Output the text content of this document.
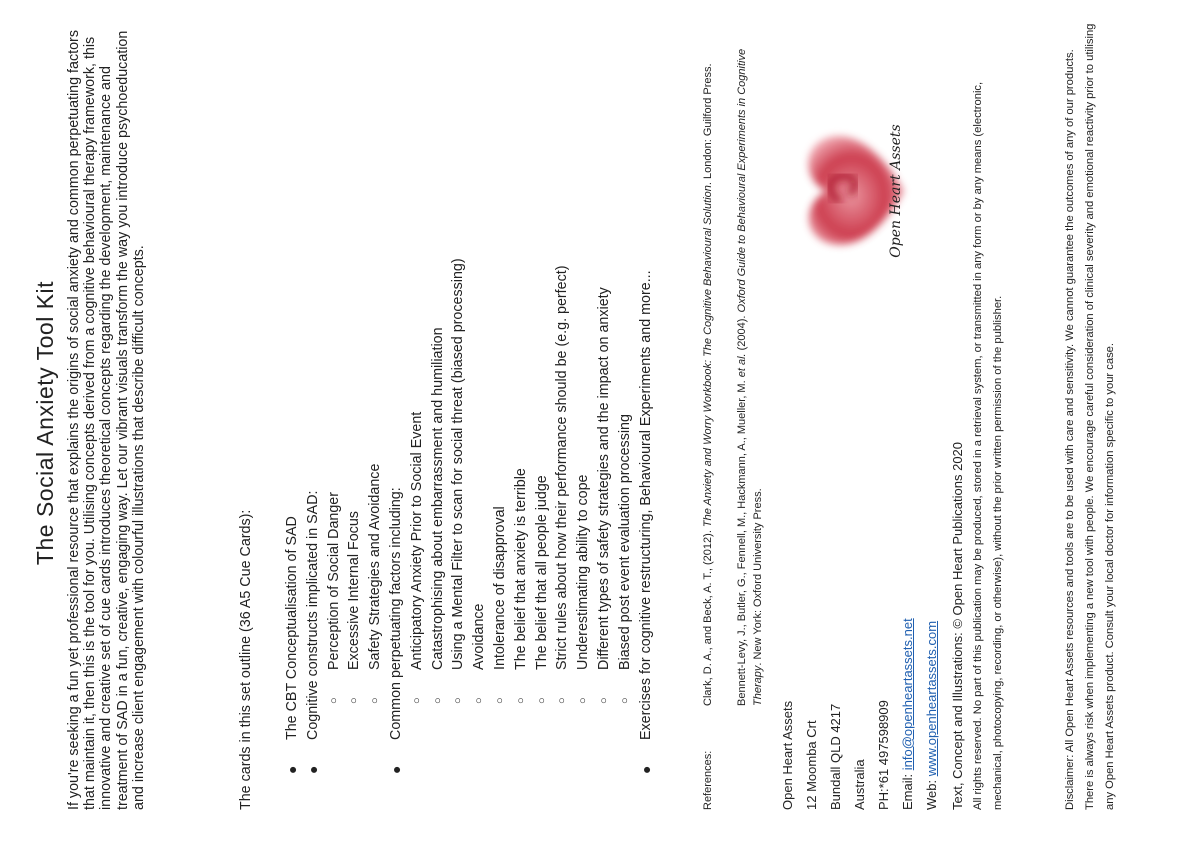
The Social Anxiety Tool Kit If you're seeking a fun yet professional resource that explains the origins of social anxiety and common perpetuating factors that maintain it, then this is the tool for you. Utilising concepts derived from a cognitive behavioural therapy framework, this innovative and creative set of cue cards introduces theoretical concepts regarding the development, maintenance and treatment of SAD in a fun, creative, engaging way. Let our vibrant visuals transform the way you introduce psychoeducation and increase client engagement with colourful illustrations that describe difficult concepts.	The cards in this set outline (36 A5 Cue Cards): ●
The CBT Conceptualisation of SAD
●
Cognitive constructs implicated in SAD: ○
Perception of Social Danger
○
Excessive Internal Focus
○
Safety Strategies and Avoidance
●
Common perpetuating factors including: ○
Anticipatory Anxiety Prior to Social Event
○
Catastrophising about embarrassment and humiliation
○
Using a Mental Filter to scan for social threat (biased processing)
○
Avoidance
○
Intolerance of disapproval
○
The belief that anxiety is terrible
○
The belief that all people judge
○
Strict rules about how their performance should be (e.g. perfect)
○
Underestimating ability to cope
○
Different types of safety strategies and the impact on anxiety
○
Biased post event evaluation processing
●
Exercises for cognitive restructuring, Behavioural Experiments and more...
References:
Clark, D. A., and Beck, A. T., (2012). The Anxiety and Worry Workbook: The Cognitive Behavioural Solution. London: Guilford Press.
Bennett-Levy, J., Butler, G., Fennell, M., Hackmann, A., Mueller, M. et al. (2004). Oxford Guide to Behavioural Experiments in Cognitive Therapy. New York: Oxford University Press.
Open Heart Assets 12 Moomba Crt Bundall QLD 4217 Australia PH:*61 497598909 Email: info@openheartassets.net
Web: www.openheartassets.com
Open Heart Assets
Text, Concept and Illustrations: © Open Heart Publications 2020 All rights reserved. No part of this publication may be produced, stored in a retrieval system, or transmitted in any form or by any means (electronic, mechanical, photocopying, recording, or otherwise), without the prior written permission of the publisher.	Disclaimer: All Open Heart Assets resources and tools are to be used with care and sensitivity. We cannot guarantee the outcomes of any of our products. There is always risk when implementing a new tool with people. We encourage careful consideration of clinical severity and emotional reactivity prior to utilising any Open Heart Assets product. Consult your local doctor for information specific to your case.
